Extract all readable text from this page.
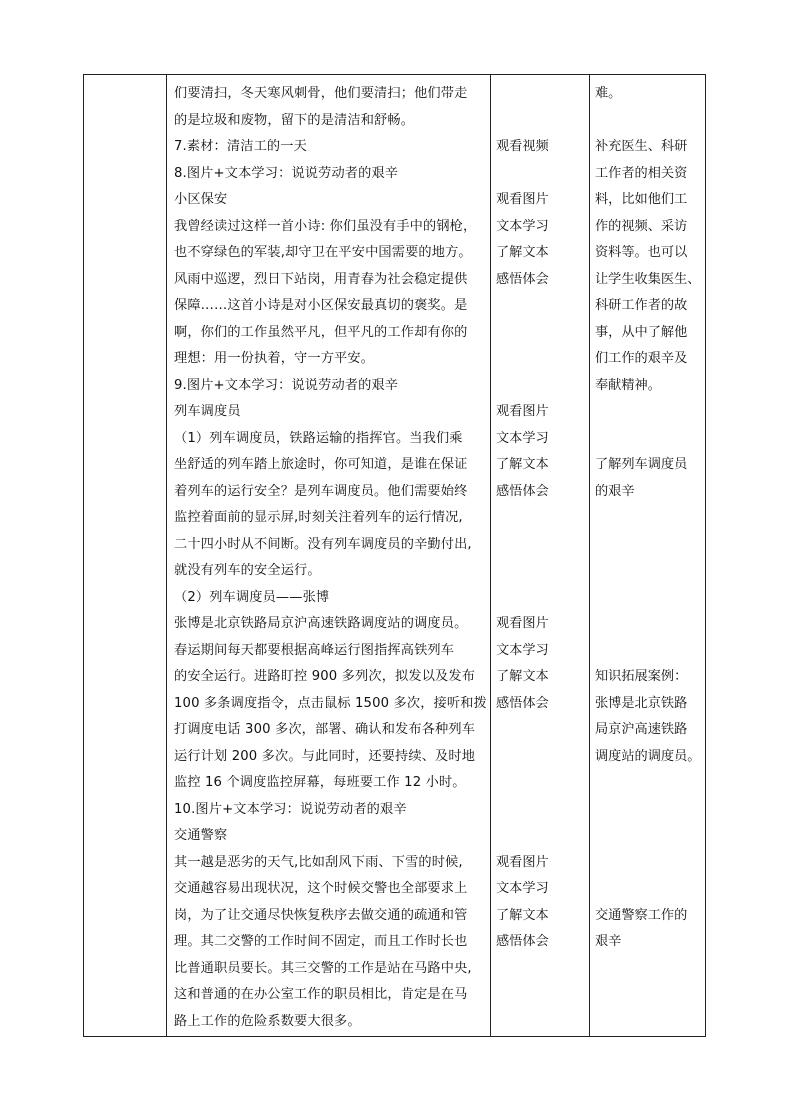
们要清扫，冬天寒风刺骨，他们要清扫；他们带走

的是垃圾和废物，留下的是清洁和舒畅。

7.素材：清洁工的一天

8.图片+文本学习：说说劳动者的艰辛

小区保安

我曾经读过这样一首小诗: 你们虽没有手中的钢枪，

也不穿绿色的军装,却守卫在平安中国需要的地方。

风雨中巡逻，烈日下站岗，用青春为社会稳定提供

保障……这首小诗是对小区保安最真切的褒奖。是

啊，你们的工作虽然平凡，但平凡的工作却有你的

理想：用一份执着，守一方平安。

9.图片+文本学习：说说劳动者的艰辛

列车调度员

（1）列车调度员，铁路运输的指挥官。当我们乘

坐舒适的列车踏上旅途时，你可知道，是谁在保证

着列车的运行安全？是列车调度员。他们需要始终

监控着面前的显示屏,时刻关注着列车的运行情况,

二十四小时从不间断。没有列车调度员的辛勤付出,

就没有列车的安全运行。

（2）列车调度员——张博

张博是北京铁路局京沪高速铁路调度站的调度员。

春运期间每天都要根据高峰运行图指挥高铁列车

的安全运行。进路盯控 900 多列次，拟发以及发布

100 多条调度指令，点击鼠标 1500 多次，接听和拨

打调度电话 300 多次，部署、确认和发布各种列车

运行计划 200 多次。与此同时，还要持续、及时地

监控 16 个调度监控屏幕，每班要工作 12 小时。

10.图片+文本学习：说说劳动者的艰辛

交通警察

其一越是恶劣的天气,比如刮风下雨、下雪的时候,

交通越容易出现状况，这个时候交警也全部要求上

岗，为了让交通尽快恢复秩序去做交通的疏通和管

理。其二交警的工作时间不固定，而且工作时长也

比普通职员要长。其三交警的工作是站在马路中央,

这和普通的在办公室工作的职员相比，肯定是在马

路上工作的危险系数要大很多。

观看视频

观看图片

文本学习

了解文本

感悟体会

观看图片

文本学习

了解文本

感悟体会

观看图片

文本学习

了解文本

感悟体会

观看图片

文本学习

了解文本

感悟体会

难。

补充医生、科研

工作者的相关资

料，比如他们工

作的视频、采访

资料等。也可以

让学生收集医生、

科研工作者的故

事，从中了解他

们工作的艰辛及

奉献精神。

了解列车调度员

的艰辛

知识拓展案例：

张博是北京铁路

局京沪高速铁路

调度站的调度员。

交通警察工作的

艰辛
